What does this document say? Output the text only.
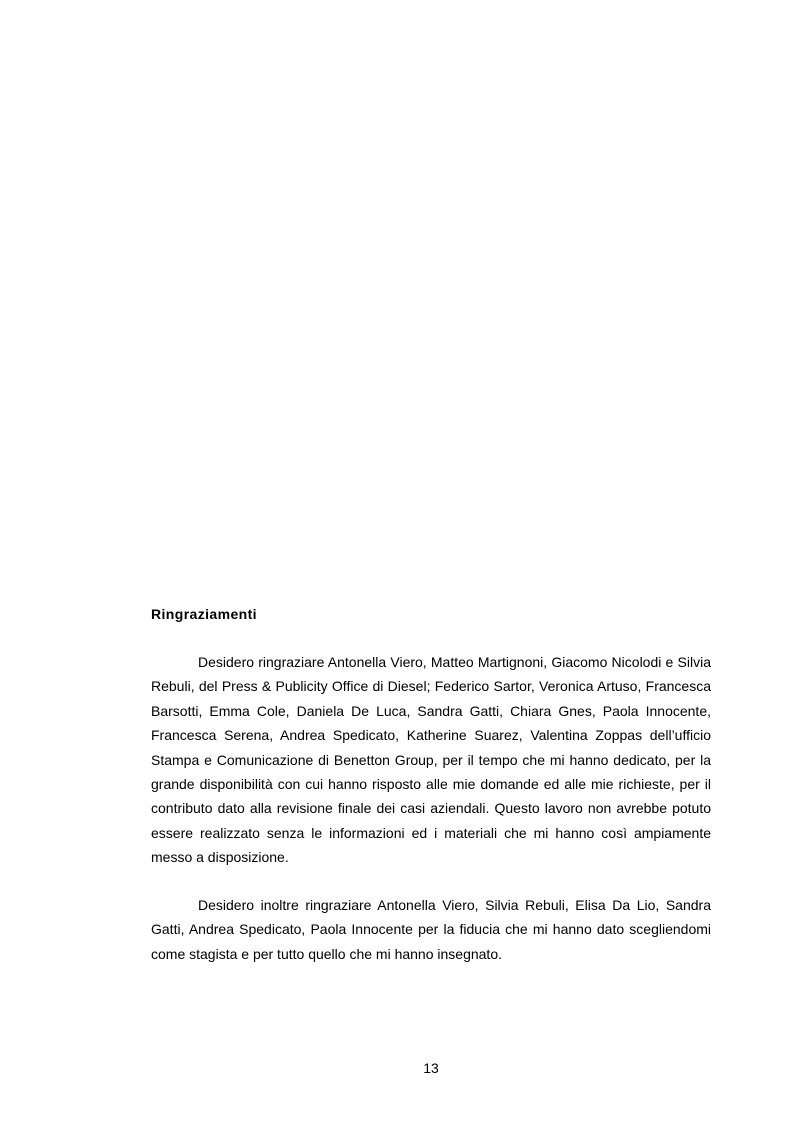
Ringraziamenti

Desidero ringraziare Antonella Viero, Matteo Martignoni, Giacomo Nicolodi e Silvia Rebuli, del Press & Publicity Office di Diesel; Federico Sartor, Veronica Artuso, Francesca Barsotti, Emma Cole, Daniela De Luca, Sandra Gatti, Chiara Gnes, Paola Innocente, Francesca Serena, Andrea Spedicato, Katherine Suarez, Valentina Zoppas dell’ufficio Stampa e Comunicazione di Benetton Group, per il tempo che mi hanno dedicato, per la grande disponibilità con cui hanno risposto alle mie domande ed alle mie richieste, per il contributo dato alla revisione finale dei casi aziendali. Questo lavoro non avrebbe potuto essere realizzato senza le informazioni ed i materiali che mi hanno così ampiamente messo a disposizione.

Desidero inoltre ringraziare Antonella Viero, Silvia Rebuli, Elisa Da Lio, Sandra Gatti, Andrea Spedicato, Paola Innocente per la fiducia che mi hanno dato scegliendomi come stagista e per tutto quello che mi hanno insegnato.

13
